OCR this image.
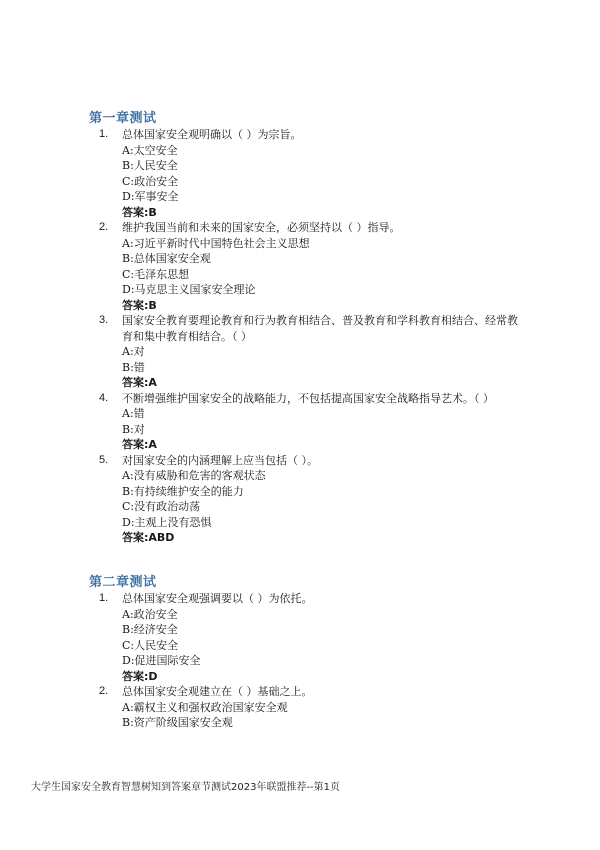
第一章测试
1.	总体国家安全观明确以（ ）为宗旨。
A:太空安全
B:人民安全
C:政治安全
D:军事安全
答案:B
2.	维护我国当前和未来的国家安全，必须坚持以（ ）指导。
A:习近平新时代中国特色社会主义思想
B:总体国家安全观
C:毛泽东思想
D:马克思主义国家安全理论
答案:B
3.	国家安全教育要理论教育和行为教育相结合、普及教育和学科教育相结合、经常教育和集中教育相结合。（ ）
A:对
B:错
答案:A
4.	不断增强维护国家安全的战略能力，不包括提高国家安全战略指导艺术。（ ）
A:错
B:对
答案:A
5.	对国家安全的内涵理解上应当包括（ ）。
A:没有威胁和危害的客观状态
B:有持续维护安全的能力
C:没有政治动荡
D:主观上没有恐惧
答案:ABD
第二章测试
1.	总体国家安全观强调要以（ ）为依托。
A:政治安全
B:经济安全
C:人民安全
D:促进国际安全
答案:D
2.	总体国家安全观建立在（ ）基础之上。
A:霸权主义和强权政治国家安全观
B:资产阶级国家安全观
大学生国家安全教育智慧树知到答案章节测试2023年联盟推荐--第1页
